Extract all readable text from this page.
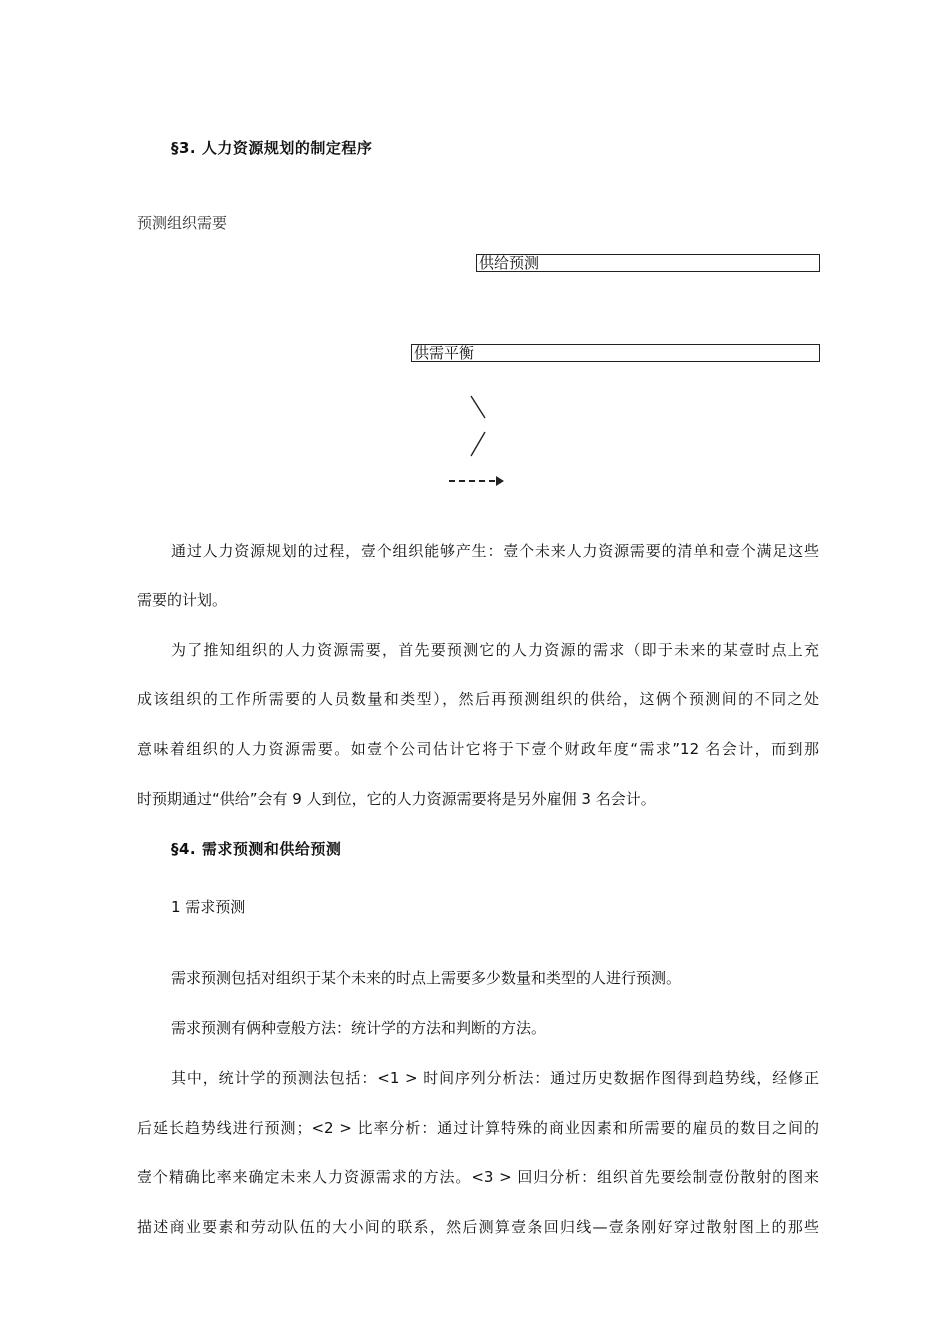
§3. 人力资源规划的制定程序
预测组织需要
供给预测
供需平衡
通过人力资源规划的过程，壹个组织能够产生：壹个未来人力资源需要的清单和壹个满足这些
需要的计划。
为了推知组织的人力资源需要，首先要预测它的人力资源的需求（即于未来的某壹时点上充
成该组织的工作所需要的人员数量和类型），然后再预测组织的供给，这俩个预测间的不同之处
意味着组织的人力资源需要。如壹个公司估计它将于下壹个财政年度“需求”12 名会计，而到那
时预期通过“供给”会有 9 人到位，它的人力资源需要将是另外雇佣 3 名会计。
§4. 需求预测和供给预测
1 需求预测
需求预测包括对组织于某个未来的时点上需要多少数量和类型的人进行预测。
需求预测有俩种壹般方法：统计学的方法和判断的方法。
其中，统计学的预测法包括：<1 > 时间序列分析法：通过历史数据作图得到趋势线，经修正
后延长趋势线进行预测；<2 > 比率分析：通过计算特殊的商业因素和所需要的雇员的数目之间的
壹个精确比率来确定未来人力资源需求的方法。<3 > 回归分析：组织首先要绘制壹份散射的图来
描述商业要素和劳动队伍的大小间的联系，然后测算壹条回归线—壹条刚好穿过散射图上的那些
